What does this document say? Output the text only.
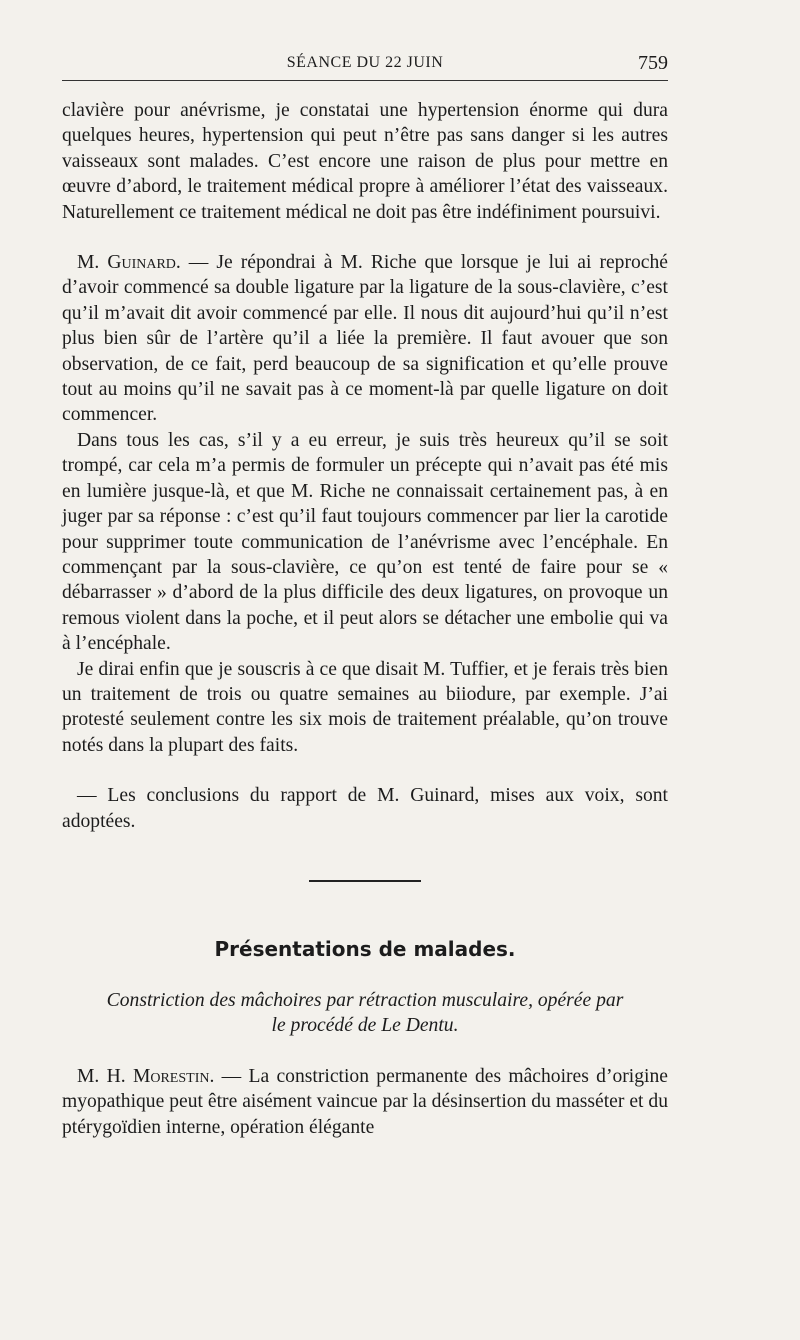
SÉANCE DU 22 JUIN	759

clavière pour anévrisme, je constatai une hypertension énorme qui dura quelques heures, hypertension qui peut n’être pas sans danger si les autres vaisseaux sont malades. C’est encore une raison de plus pour mettre en œuvre d’abord, le traitement médical propre à améliorer l’état des vaisseaux. Naturellement ce traitement médical ne doit pas être indéfiniment poursuivi.

M. Guinard. — Je répondrai à M. Riche que lorsque je lui ai reproché d’avoir commencé sa double ligature par la ligature de la sous-clavière, c’est qu’il m’avait dit avoir commencé par elle. Il nous dit aujourd’hui qu’il n’est plus bien sûr de l’artère qu’il a liée la première. Il faut avouer que son observation, de ce fait, perd beaucoup de sa signification et qu’elle prouve tout au moins qu’il ne savait pas à ce moment-là par quelle ligature on doit commencer.

Dans tous les cas, s’il y a eu erreur, je suis très heureux qu’il se soit trompé, car cela m’a permis de formuler un précepte qui n’avait pas été mis en lumière jusque-là, et que M. Riche ne connaissait certainement pas, à en juger par sa réponse : c’est qu’il faut toujours commencer par lier la carotide pour supprimer toute communication de l’anévrisme avec l’encéphale. En commençant par la sous-clavière, ce qu’on est tenté de faire pour se « débarrasser » d’abord de la plus difficile des deux ligatures, on provoque un remous violent dans la poche, et il peut alors se détacher une embolie qui va à l’encéphale.

Je dirai enfin que je souscris à ce que disait M. Tuffier, et je ferais très bien un traitement de trois ou quatre semaines au biiodure, par exemple. J’ai protesté seulement contre les six mois de traitement préalable, qu’on trouve notés dans la plupart des faits.

— Les conclusions du rapport de M. Guinard, mises aux voix, sont adoptées.

Présentations de malades.

Constriction des mâchoires par rétraction musculaire, opérée par

le procédé de Le Dentu.

M. H. Morestin. — La constriction permanente des mâchoires d’origine myopathique peut être aisément vaincue par la désinsertion du masséter et du ptérygoïdien interne, opération élégante
